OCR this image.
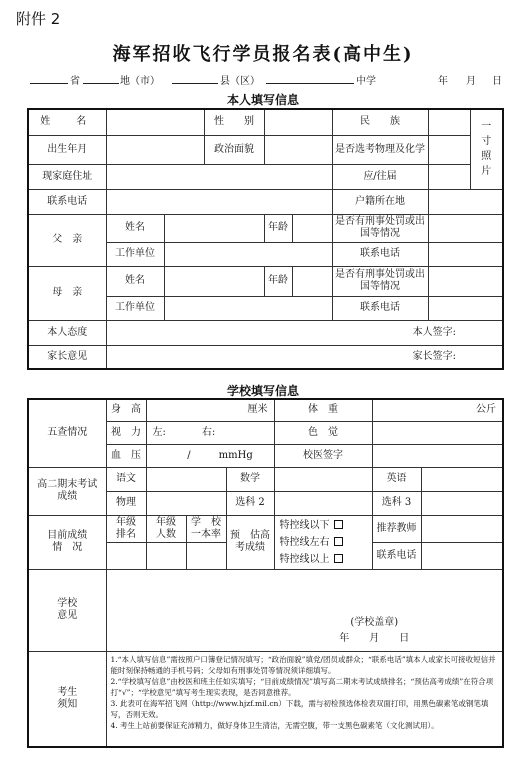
附件 2
海军招收飞行学员报名表(高中生)
省	地（市）	县（区）	中学	年 月 日
本人填写信息
姓　名			性　　别			民　　族		一寸照片
出生年月			政治面貌			是否选考物理及化学		
现家庭住址						应/往届		
联系电话						户籍所在地		
父　亲	姓名			年龄		是否有刑事处罚或出国等情况		
	工作单位					联系电话		
母　亲	姓名			年龄		是否有刑事处罚或出国等情况		
	工作单位					联系电话		
本人态度	本人签字:							
家长意见	家长签字:							
学校填写信息
五查情况	身　高	厘米			体　重	公斤	
	视　力	左: 右:			色　觉		
	血　压	/ mmHg			校医签字		
高二期末考试成绩	语文			数学		英语	
	物理			选科 2		选科 3	
目前成绩情　况	年级排名	年级人数	学　校一本率	预　估高考成绩	特控线以下
特控线左右
特控线以上	推荐教师	
						联系电话	
学校意见	(学校盖章)
年　　月　　日						

考生须知	1.“本人填写信息”需按照户口簿登记情况填写；“政治面貌”填党/团员或群众；“联系电话”填本人或家长可接收短信并能时刻保持畅通的手机号码；父母如有刑事处罚等情况须详细填写。
2.“学校填写信息”由校医和班主任如实填写；“目前成绩情况”填写高二期末考试成绩排名；“预估高考成绩”在符合项打“√”；“学校意见”填写考生现实表现，是否同意推荐。
3. 此表可在海军招飞网（http://www.hjzf.mil.cn）下载，需与初检预选体检表双面打印，用黑色碳素笔或钢笔填写，否则无效。
4. 考生上站前要保证充沛精力，做好身体卫生清洁，无需空腹，带一支黑色碳素笔（文化测试用）。						
